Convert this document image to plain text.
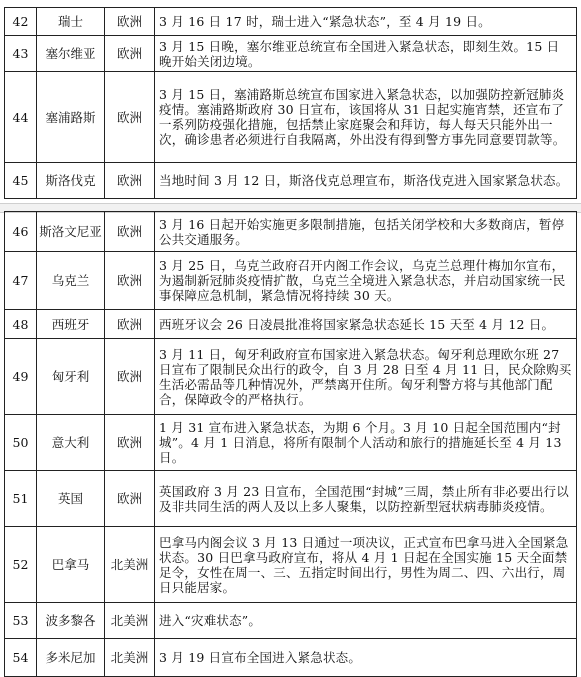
42	瑞士	欧洲	3 月 16 日 17 时，瑞士进入“紧急状态”，至 4 月 19 日。
43	塞尔维亚	欧洲	3 月 15 日晚，塞尔维亚总统宣布全国进入紧急状态，即刻生效。15 日晚开始关闭边境。
44	塞浦路斯	欧洲	3 月 15 日，塞浦路斯总统宣布国家进入紧急状态，以加强防控新冠肺炎疫情。塞浦路斯政府 30 日宣布，该国将从 31 日起实施宵禁，还宣布了一系列防疫强化措施，包括禁止家庭聚会和拜访，每人每天只能外出一次，确诊患者必须进行自我隔离，外出没有得到警方事先同意要罚款等。
45	斯洛伐克	欧洲	当地时间 3 月 12 日，斯洛伐克总理宣布，斯洛伐克进入国家紧急状态。
46	斯洛文尼亚	欧洲	3 月 16 日起开始实施更多限制措施，包括关闭学校和大多数商店，暂停公共交通服务。
47	乌克兰	欧洲	3 月 25 日，乌克兰政府召开内阁工作会议，乌克兰总理什梅加尔宣布，为遏制新冠肺炎疫情扩散，乌克兰全境进入紧急状态，并启动国家统一民事保障应急机制，紧急情况将持续 30 天。
48	西班牙	欧洲	西班牙议会 26 日凌晨批准将国家紧急状态延长 15 天至 4 月 12 日。
49	匈牙利	欧洲	3 月 11 日，匈牙利政府宣布国家进入紧急状态。匈牙利总理欧尔班 27 日宣布了限制民众出行的政令，自 3 月 28 日至 4 月 11 日，民众除购买生活必需品等几种情况外，严禁离开住所。匈牙利警方将与其他部门配合，保障政令的严格执行。
50	意大利	欧洲	1 月 31 宣布进入紧急状态，为期 6 个月。3 月 10 日起全国范围内“封城”。4 月 1 日消息，将所有限制个人活动和旅行的措施延长至 4 月 13 日。
51	英国	欧洲	英国政府 3 月 23 日宣布，全国范围“封城”三周，禁止所有非必要出行以及非共同生活的两人及以上多人聚集，以防控新型冠状病毒肺炎疫情。
52	巴拿马	北美洲	巴拿马内阁会议 3 月 13 日通过一项决议，正式宣布巴拿马进入全国紧急状态。30 日巴拿马政府宣布，将从 4 月 1 日起在全国实施 15 天全面禁足令，女性在周一、三、五指定时间出行，男性为周二、四、六出行，周日只能居家。
53	波多黎各	北美洲	进入“灾难状态”。
54	多米尼加	北美洲	3 月 19 日宣布全国进入紧急状态。
